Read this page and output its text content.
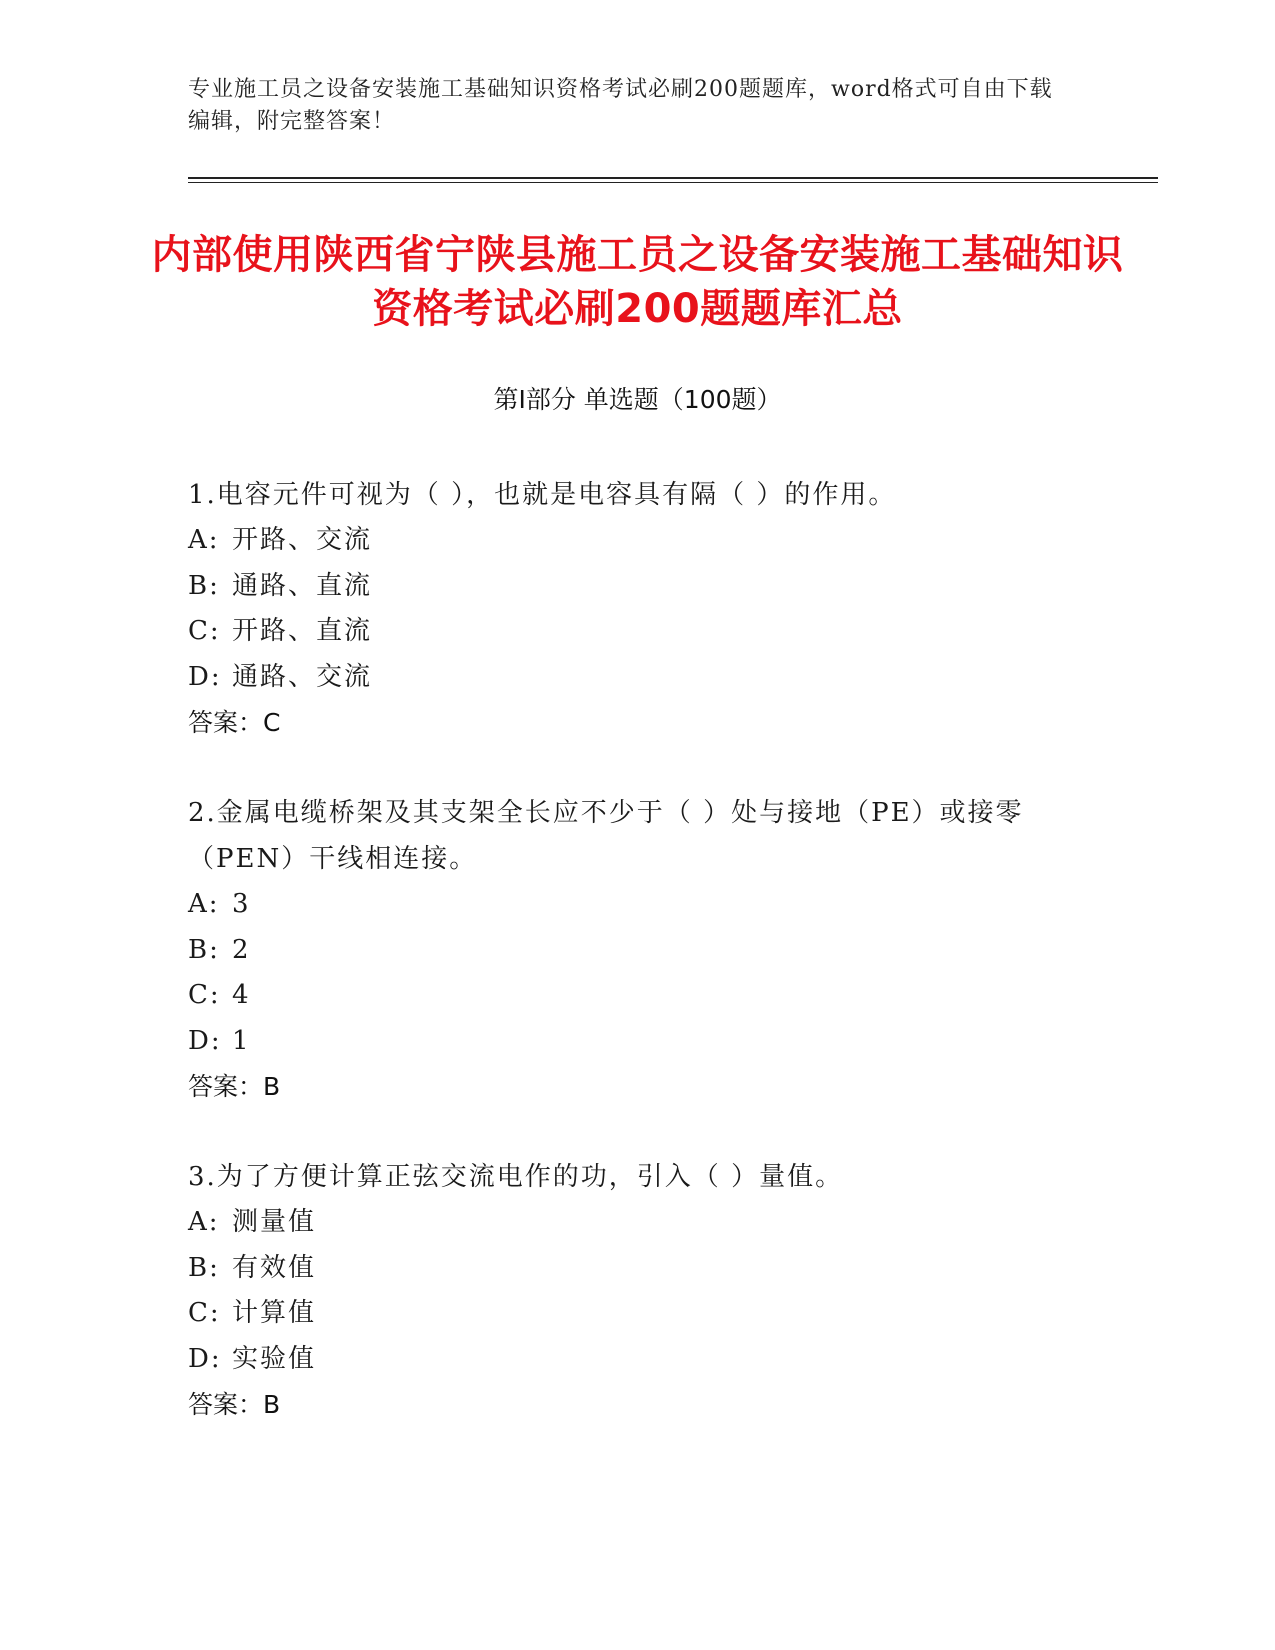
专业施工员之设备安装施工基础知识资格考试必刷200题题库，word格式可自由下载编辑，附完整答案！
内部使用陕西省宁陕县施工员之设备安装施工基础知识资格考试必刷200题题库汇总
第Ⅰ部分 单选题（100题）
1.电容元件可视为（ ），也就是电容具有隔（ ）的作用。
A: 开路、交流
B: 通路、直流
C: 开路、直流
D: 通路、交流
答案：C
2.金属电缆桥架及其支架全长应不少于（ ）处与接地（PE）或接零（PEN）干线相连接。
A: 3
B: 2
C: 4
D: 1
答案：B
3.为了方便计算正弦交流电作的功，引入（ ）量值。
A: 测量值
B: 有效值
C: 计算值
D: 实验值
答案：B
